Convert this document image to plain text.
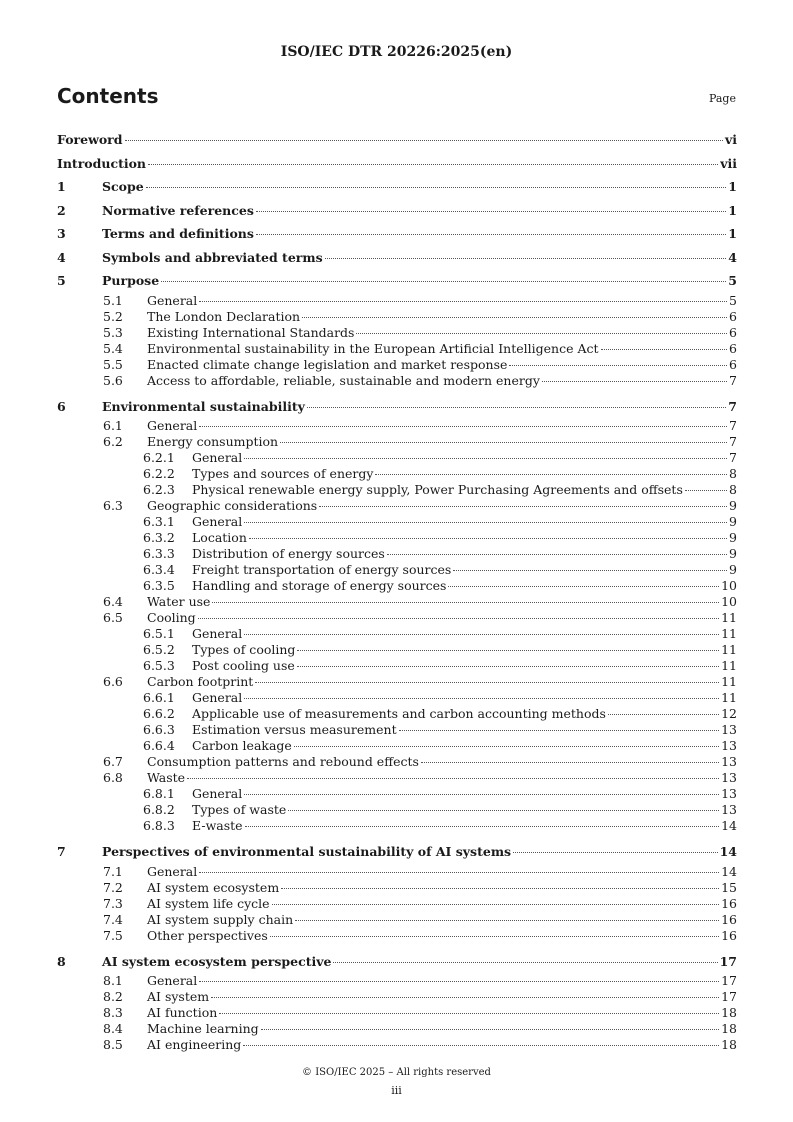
ISO/IEC DTR 20226:2025(en)
Contents	Page
Foreword	vi
Introduction	vii
1	Scope	1
2	Normative references	1
3	Terms and definitions	1
4	Symbols and abbreviated terms	4
5	Purpose	5
5.1	General	5
5.2	The London Declaration	6
5.3	Existing International Standards	6
5.4	Environmental sustainability in the European Artificial Intelligence Act	6
5.5	Enacted climate change legislation and market response	6
5.6	Access to affordable, reliable, sustainable and modern energy	7
6	Environmental sustainability	7
6.1	General	7
6.2	Energy consumption	7
6.2.1	General	7
6.2.2	Types and sources of energy	8
6.2.3	Physical renewable energy supply, Power Purchasing Agreements and offsets	8
6.3	Geographic considerations	9
6.3.1	General	9
6.3.2	Location	9
6.3.3	Distribution of energy sources	9
6.3.4	Freight transportation of energy sources	9
6.3.5	Handling and storage of energy sources	10
6.4	Water use	10
6.5	Cooling	11
6.5.1	General	11
6.5.2	Types of cooling	11
6.5.3	Post cooling use	11
6.6	Carbon footprint	11
6.6.1	General	11
6.6.2	Applicable use of measurements and carbon accounting methods	12
6.6.3	Estimation versus measurement	13
6.6.4	Carbon leakage	13
6.7	Consumption patterns and rebound effects	13
6.8	Waste	13
6.8.1	General	13
6.8.2	Types of waste	13
6.8.3	E-waste	14
7	Perspectives of environmental sustainability of AI systems	14
7.1	General	14
7.2	AI system ecosystem	15
7.3	AI system life cycle	16
7.4	AI system supply chain	16
7.5	Other perspectives	16
8	AI system ecosystem perspective	17
8.1	General	17
8.2	AI system	17
8.3	AI function	18
8.4	Machine learning	18
8.5	AI engineering	18
© ISO/IEC 2025 – All rights reserved
iii
